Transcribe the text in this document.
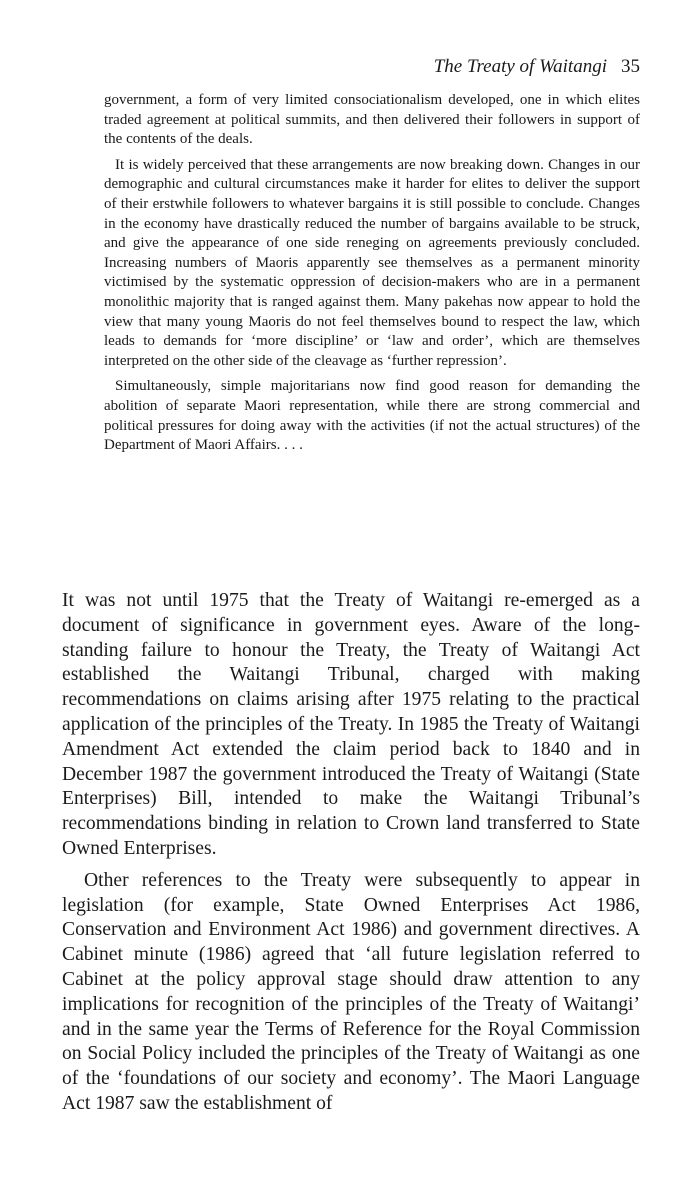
The Treaty of Waitangi 35

government, a form of very limited consociationalism developed, one in which elites traded agreement at political summits, and then delivered their followers in support of the contents of the deals.

It is widely perceived that these arrangements are now breaking down. Changes in our demographic and cultural circumstances make it harder for elites to deliver the support of their erstwhile followers to whatever bargains it is still possible to conclude. Changes in the economy have drastically reduced the number of bargains available to be struck, and give the appearance of one side reneging on agreements previously concluded. Increasing numbers of Maoris apparently see themselves as a permanent minority victimised by the systematic oppression of decision-makers who are in a permanent monolithic majority that is ranged against them. Many pakehas now appear to hold the view that many young Maoris do not feel themselves bound to respect the law, which leads to demands for ‘more discipline’ or ‘law and order’, which are themselves interpreted on the other side of the cleavage as ‘further repression’.

Simultaneously, simple majoritarians now find good reason for demanding the abolition of separate Maori representation, while there are strong commercial and political pressures for doing away with the activities (if not the actual structures) of the Department of Maori Affairs. . . .

It was not until 1975 that the Treaty of Waitangi re-emerged as a document of significance in government eyes. Aware of the long-standing failure to honour the Treaty, the Treaty of Waitangi Act established the Waitangi Tribunal, charged with making recommendations on claims arising after 1975 relating to the practical application of the principles of the Treaty. In 1985 the Treaty of Waitangi Amendment Act extended the claim period back to 1840 and in December 1987 the government introduced the Treaty of Waitangi (State Enterprises) Bill, intended to make the Waitangi Tribunal’s recommendations binding in relation to Crown land transferred to State Owned Enterprises.

Other references to the Treaty were subsequently to appear in legislation (for example, State Owned Enterprises Act 1986, Conservation and Environment Act 1986) and government directives. A Cabinet minute (1986) agreed that ‘all future legislation referred to Cabinet at the policy approval stage should draw attention to any implications for recognition of the principles of the Treaty of Waitangi’ and in the same year the Terms of Reference for the Royal Commission on Social Policy included the principles of the Treaty of Waitangi as one of the ‘foundations of our society and economy’. The Maori Language Act 1987 saw the establishment of
